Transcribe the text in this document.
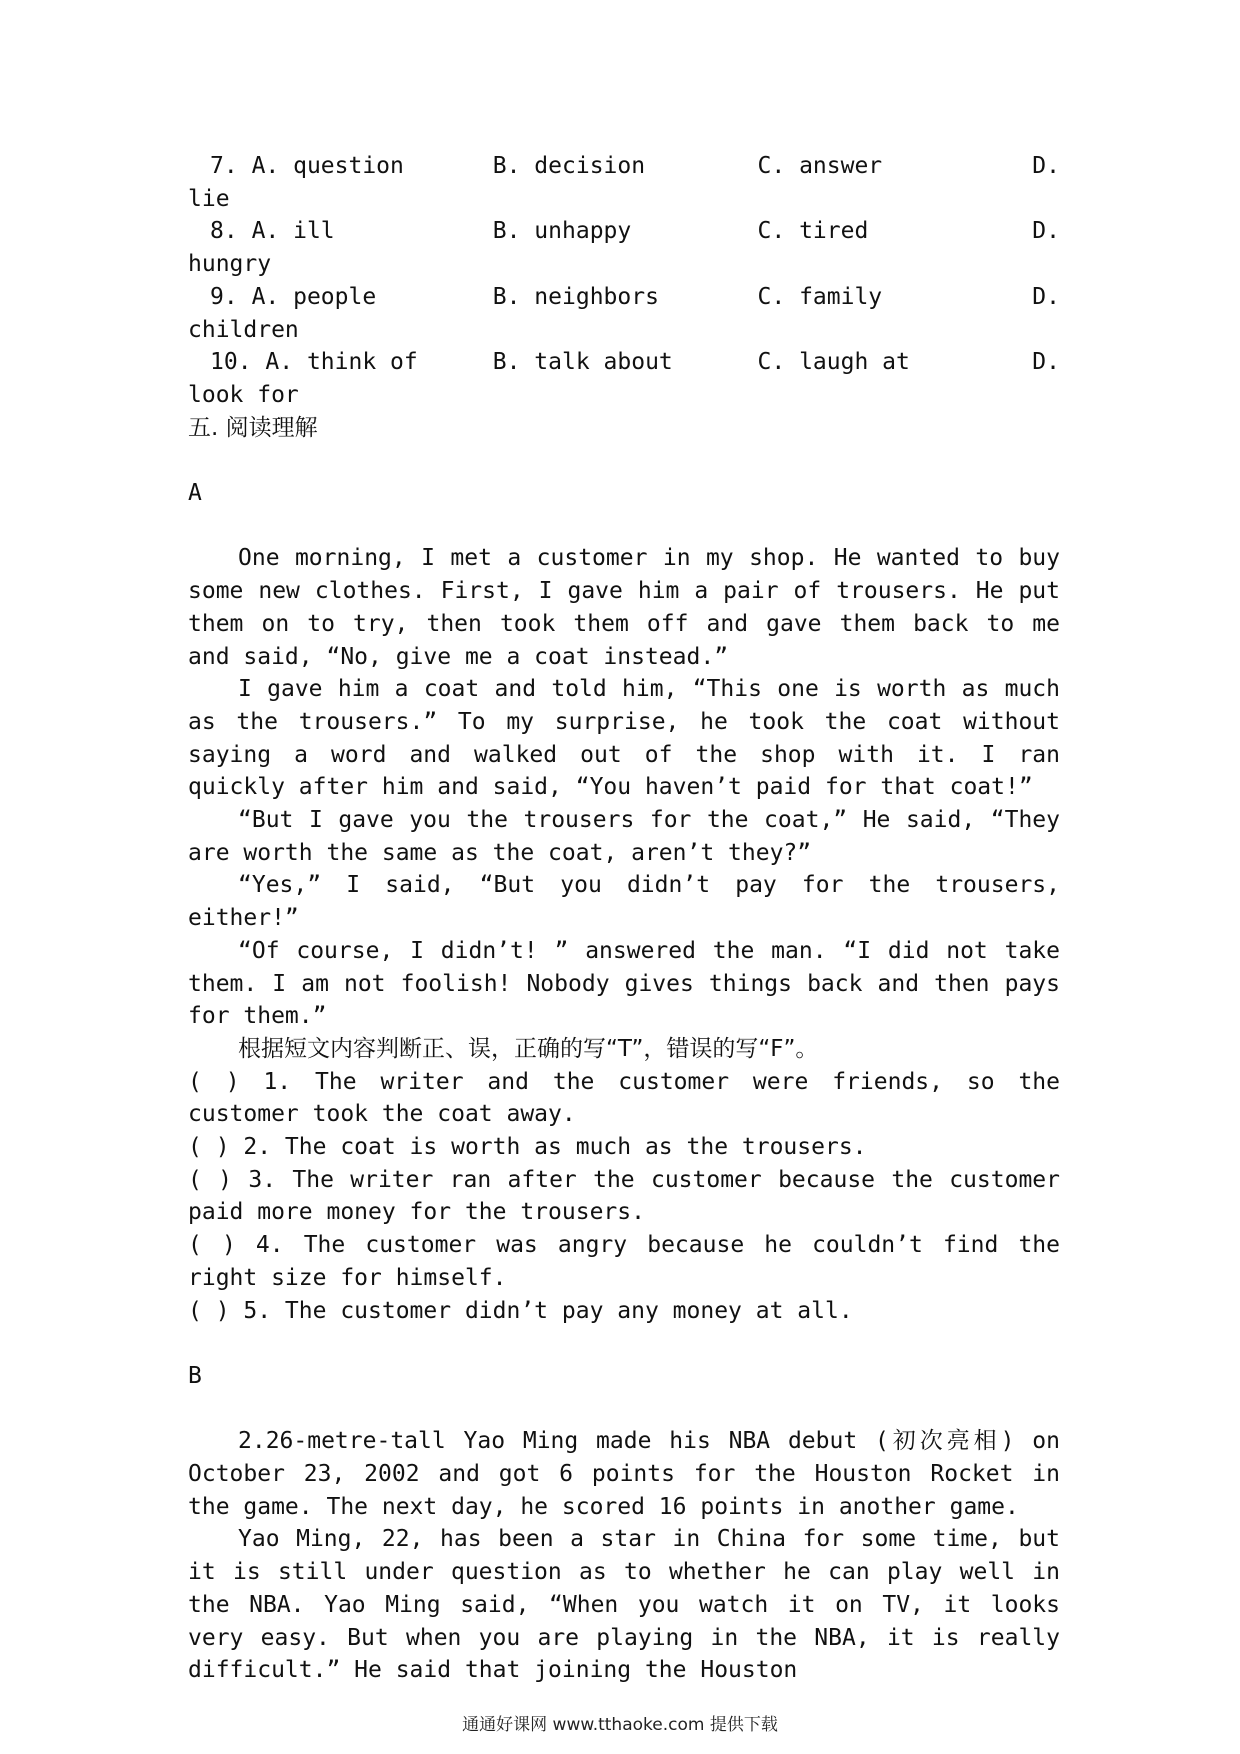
7. A. question	B. decision	C. answer	D.
lie
8. A. ill	B. unhappy	C. tired	D.
hungry
9. A. people	B. neighbors	C. family	D.
children
10. A. think of	B. talk about	C. laugh at	D.
look for
五. 阅读理解
A
One morning, I met a customer in my shop. He wanted to buy some new clothes. First, I gave him a pair of trousers. He put them on to try, then took them off and gave them back to me and said, “No, give me a coat instead.”
I gave him a coat and told him, “This one is worth as much as the trousers.” To my surprise, he took the coat without saying a word and walked out of the shop with it. I ran quickly after him and said, “You haven’t paid for that coat!”
“But I gave you the trousers for the coat,” He said, “They are worth the same as the coat, aren’t they?”
“Yes,” I said, “But you didn’t pay for the trousers, either!”
“Of course, I didn’t! ” answered the man. “I did not take them. I am not foolish! Nobody gives things back and then pays for them.”
根据短文内容判断正、误，正确的写“T”，错误的写“F”。
( ) 1. The writer and the customer were friends, so the customer took the coat away.
( ) 2. The coat is worth as much as the trousers.
( ) 3. The writer ran after the customer because the customer paid more money for the trousers.
( ) 4. The customer was angry because he couldn’t find the right size for himself.
( ) 5. The customer didn’t pay any money at all.
B
2.26-metre-tall Yao Ming made his NBA debut (初次亮相) on October 23, 2002 and got 6 points for the Houston Rocket in the game. The next day, he scored 16 points in another game.
Yao Ming, 22, has been a star in China for some time, but it is still under question as to whether he can play well in the NBA. Yao Ming said, “When you watch it on TV, it looks very easy. But when you are playing in the NBA, it is really difficult.” He said that joining the Houston
通通好课网 www.tthaoke.com 提供下载
